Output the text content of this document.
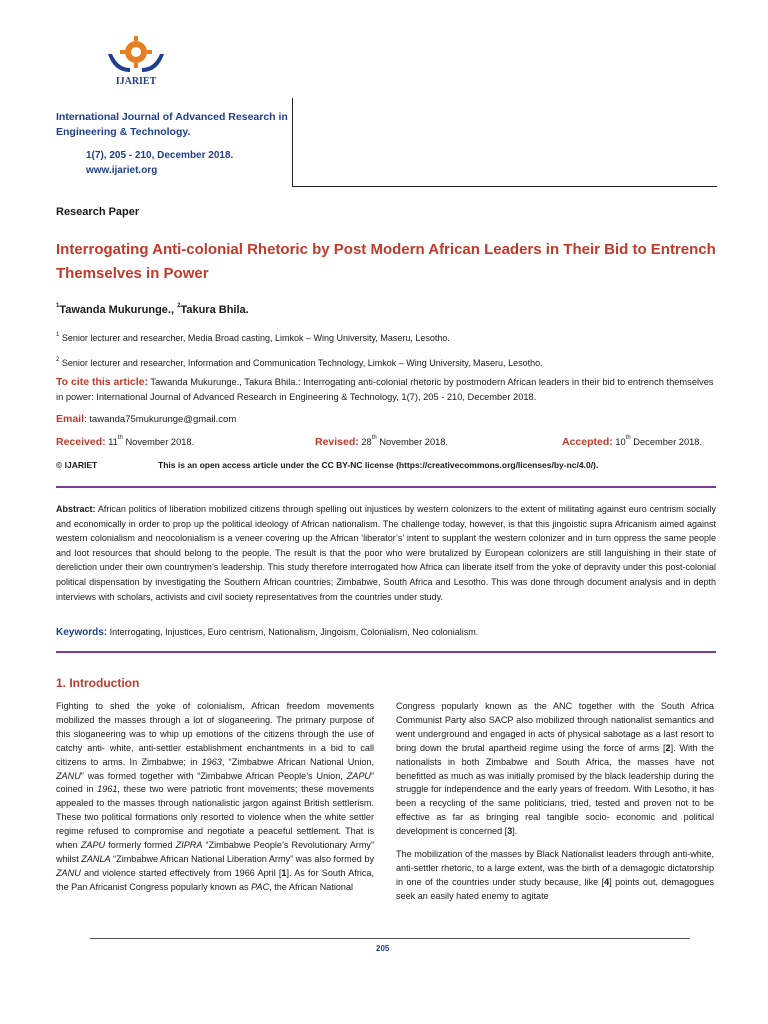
IJARIET
International Journal of Advanced Research in Engineering & Technology.
1(7), 205 - 210, December 2018.
www.ijariet.org
Research Paper
Interrogating Anti-colonial Rhetoric by Post Modern African Leaders in Their Bid to Entrench Themselves in Power
$^1$Tawanda Mukurunge., $^2$Takura Bhila.
$^1$ Senior lecturer and researcher, Media Broad casting, Limkok – Wing University, Maseru, Lesotho.
$^2$ Senior lecturer and researcher, Information and Communication Technology, Limkok – Wing University, Maseru, Lesotho.
To cite this article: Tawanda Mukurunge., Takura Bhila.: Interrogating anti-colonial rhetoric by postmodern African leaders in their bid to entrench themselves in power: International Journal of Advanced Research in Engineering & Technology, 1(7), 205 - 210, December 2018.
Email: tawanda75mukurunge@gmail.com
Received: 11th November 2018.	Revised: 28th November 2018.	Accepted: 10th December 2018.
© IJARIET	This is an open access article under the CC BY-NC license (https://creativecommons.org/licenses/by-nc/4.0/).
Abstract: African politics of liberation mobilized citizens through spelling out injustices by western colonizers to the extent of militating against euro centrism socially and economically in order to prop up the political ideology of African nationalism. The challenge today, however, is that this jingoistic supra Africanism aimed against western colonialism and neocolonialism is a veneer covering up the African ‘liberator’s’ intent to supplant the western colonizer and in turn oppress the same people and loot resources that should belong to the people. The result is that the poor who were brutalized by European colonizers are still languishing in their state of dereliction under their own countrymen’s leadership. This study therefore interrogated how Africa can liberate itself from the yoke of depravity under this post-colonial political dispensation by investigating the Southern African countries; Zimbabwe, South Africa and Lesotho. This was done through document analysis and in depth interviews with scholars, activists and civil society representatives from the countries under study.
Keywords: Interrogating, Injustices, Euro centrism, Nationalism, Jingoism, Colonialism, Neo colonialism.
1. Introduction

Fighting to shed the yoke of colonialism, African freedom movements mobilized the masses through a lot of sloganeering. The primary purpose of this sloganeering was to whip up emotions of the citizens through the use of catchy anti- white, anti-settler establishment enchantments in a bid to call citizens to arms. In Zimbabwe; in 1963, “Zimbabwe African National Union, ZANU” was formed together with “Zimbabwe African People’s Union, ZAPU” coined in 1961, these two were patriotic front movements; these movements appealed to the masses through nationalistic jargon against British settlerism. These two political formations only resorted to violence when the white settler regime refused to compromise and negotiate a peaceful settlement. That is when ZAPU formerly formed ZIPRA “Zimbabwe People’s Revolutionary Army” whilst ZANLA “Zimbabwe African National Liberation Army” was also formed by ZANU and violence started effectively from 1966 April [1]. As for South Africa, the Pan Africanist Congress popularly known as PAC, the African National

Congress popularly known as the ANC together with the South Africa Communist Party also SACP also mobilized through nationalist semantics and went underground and engaged in acts of physical sabotage as a last resort to bring down the brutal apartheid regime using the force of arms [2]. With the nationalists in both Zimbabwe and South Africa, the masses have not benefitted as much as was initially promised by the black leadership during the struggle for independence and the early years of freedom. With Lesotho, it has been a recycling of the same politicians, tried, tested and proven not to be effective as far as bringing real tangible socio- economic and political development is concerned [3].

The mobilization of the masses by Black Nationalist leaders through anti-white, anti-settler rhetoric, to a large extent, was the birth of a demagogic dictatorship in one of the countries under study because, like [4] points out, demagogues seek an easily hated enemy to agitate

205
